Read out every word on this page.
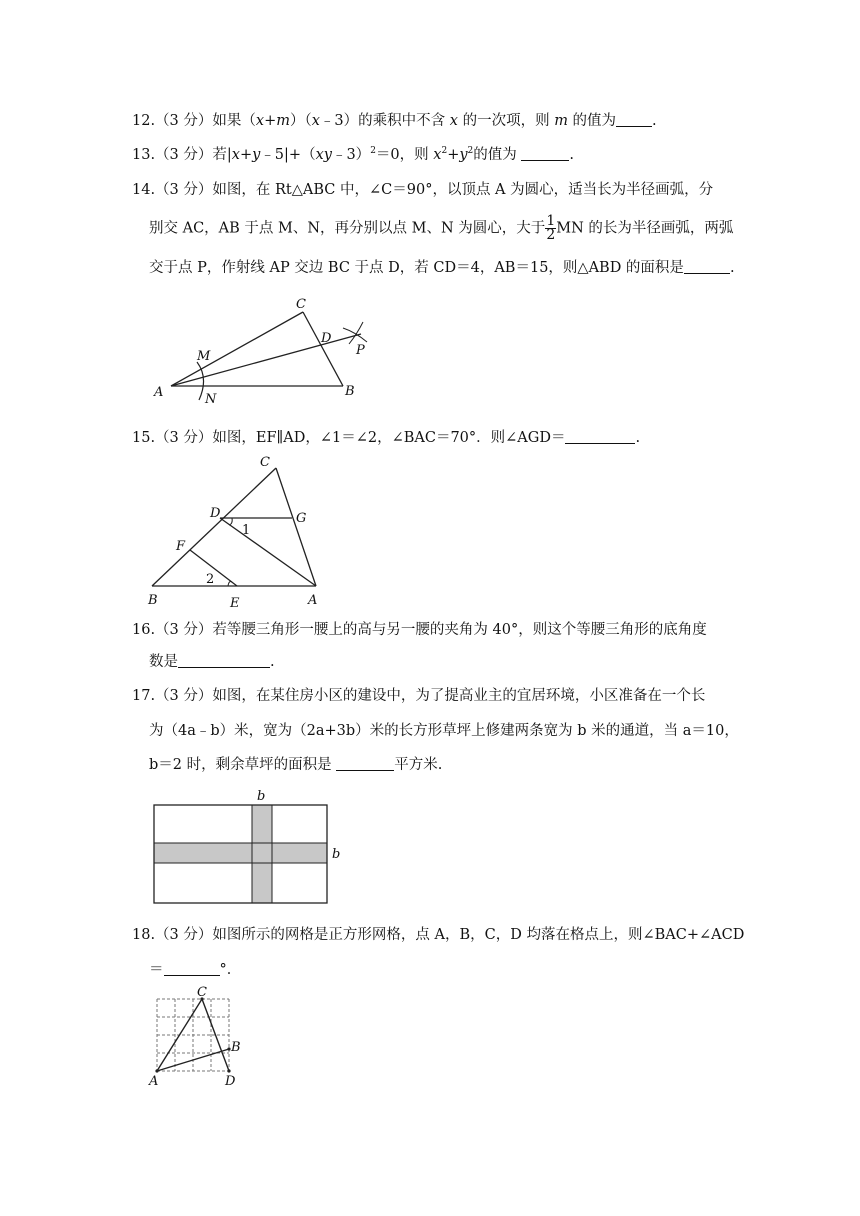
12.（3 分）如果（x+m）（x﹣3）的乘积中不含 x 的一次项，则 m 的值为 .
13.（3 分）若|x+y﹣5|+（xy﹣3）$^2$＝0，则 $x^2+y^2$的值为	.
14.（3 分）如图，在 Rt△ABC 中，∠C＝90°，以顶点 A 为圆心，适当长为半径画弧，分
别交 AC，AB 于点 M、N，再分别以点 M、N 为圆心，大于 $\frac{1}{2}$ MN 的长为半径画弧，两弧
交于点 P，作射线 AP 交边 BC 于点 D，若 CD＝4，AB＝15，则△ABD 的面积是	.
A	B
C
D
M
N
P
15.（3 分）如图，EF∥AD，∠1＝∠2，∠BAC＝70°．则∠AGD＝	.
C
D	G
F
B	E	A
1
2
16.（3 分）若等腰三角形一腰上的高与另一腰的夹角为 40°，则这个等腰三角形的底角度
数是	.
17.（3 分）如图，在某住房小区的建设中，为了提高业主的宜居环境，小区准备在一个长
为（4a﹣b）米，宽为（2a+3b）米的长方形草坪上修建两条宽为 b 米的通道，当 a＝10，
b＝2 时，剩余草坪的面积是	平方米.
b
b
18.（3 分）如图所示的网格是正方形网格，点 A，B，C，D 均落在格点上，则∠BAC+∠ACD
＝	°．
A	D
B
C
